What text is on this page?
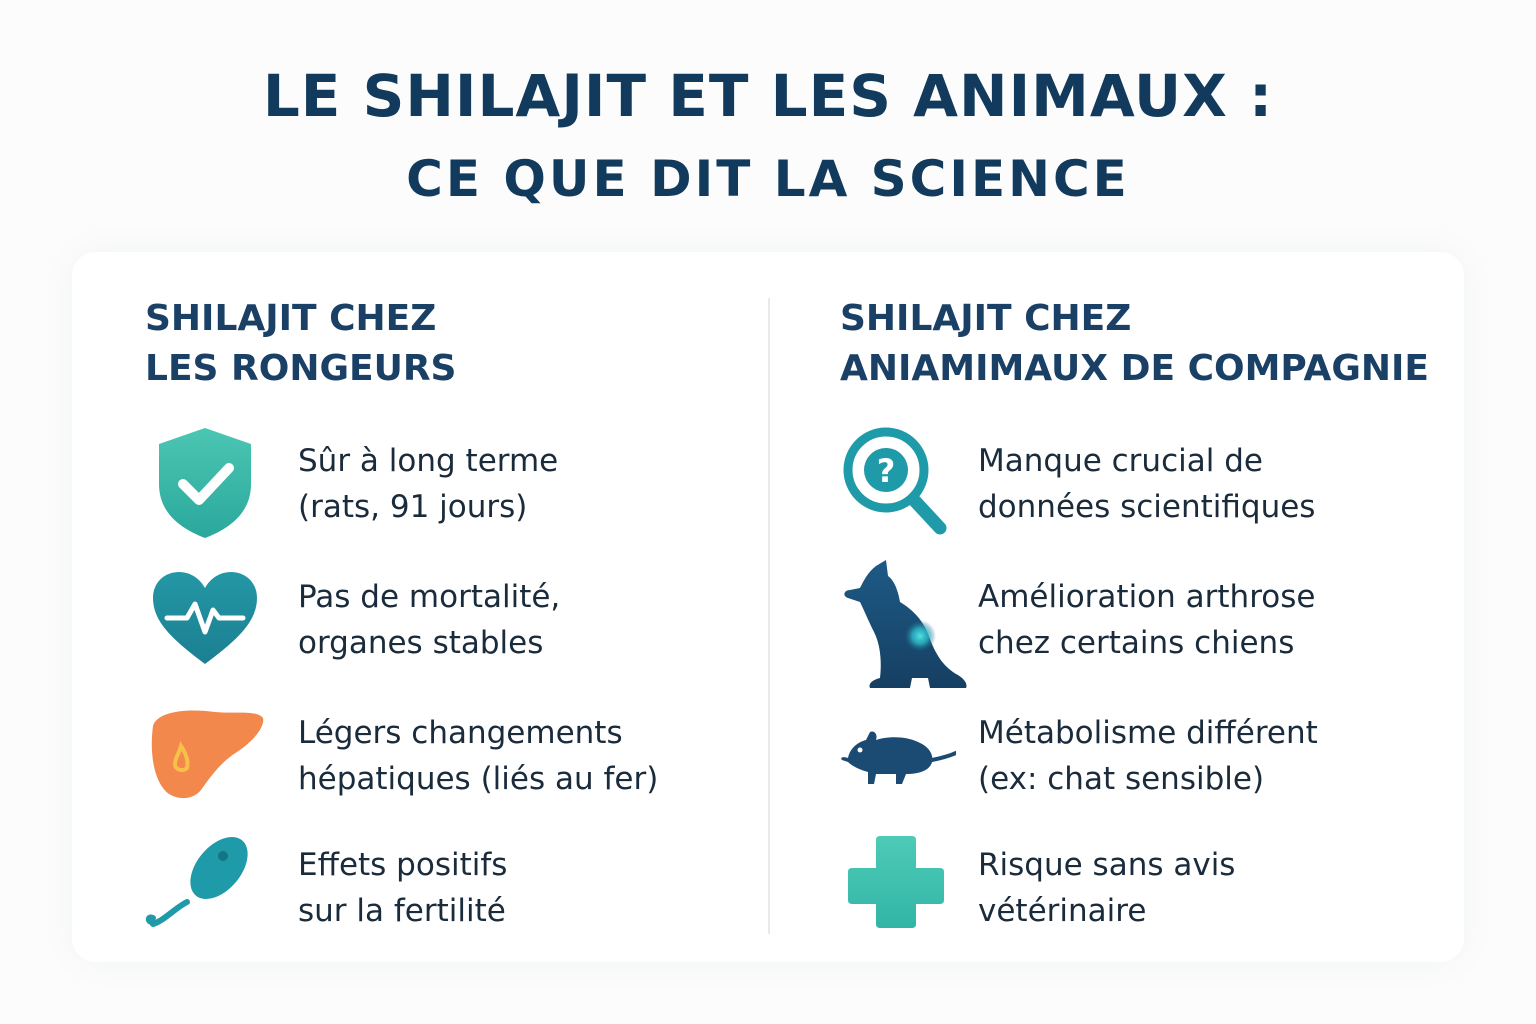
LE SHILAJIT ET LES ANIMAUX :
CE QUE DIT LA SCIENCE
SHILAJIT CHEZ
LES RONGEURS
Sûr à long terme
(rats, 91 jours)
Pas de mortalité,
organes stables
Légers changements
hépatiques (liés au fer)
Effets positifs
sur la fertilité
SHILAJIT CHEZ
ANIAMIMAUX DE COMPAGNIE
?	Manque crucial de
données scientifiques
Amélioration arthrose
chez certains chiens
Métabolisme différent
(ex: chat sensible)
Risque sans avis
vétérinaire
